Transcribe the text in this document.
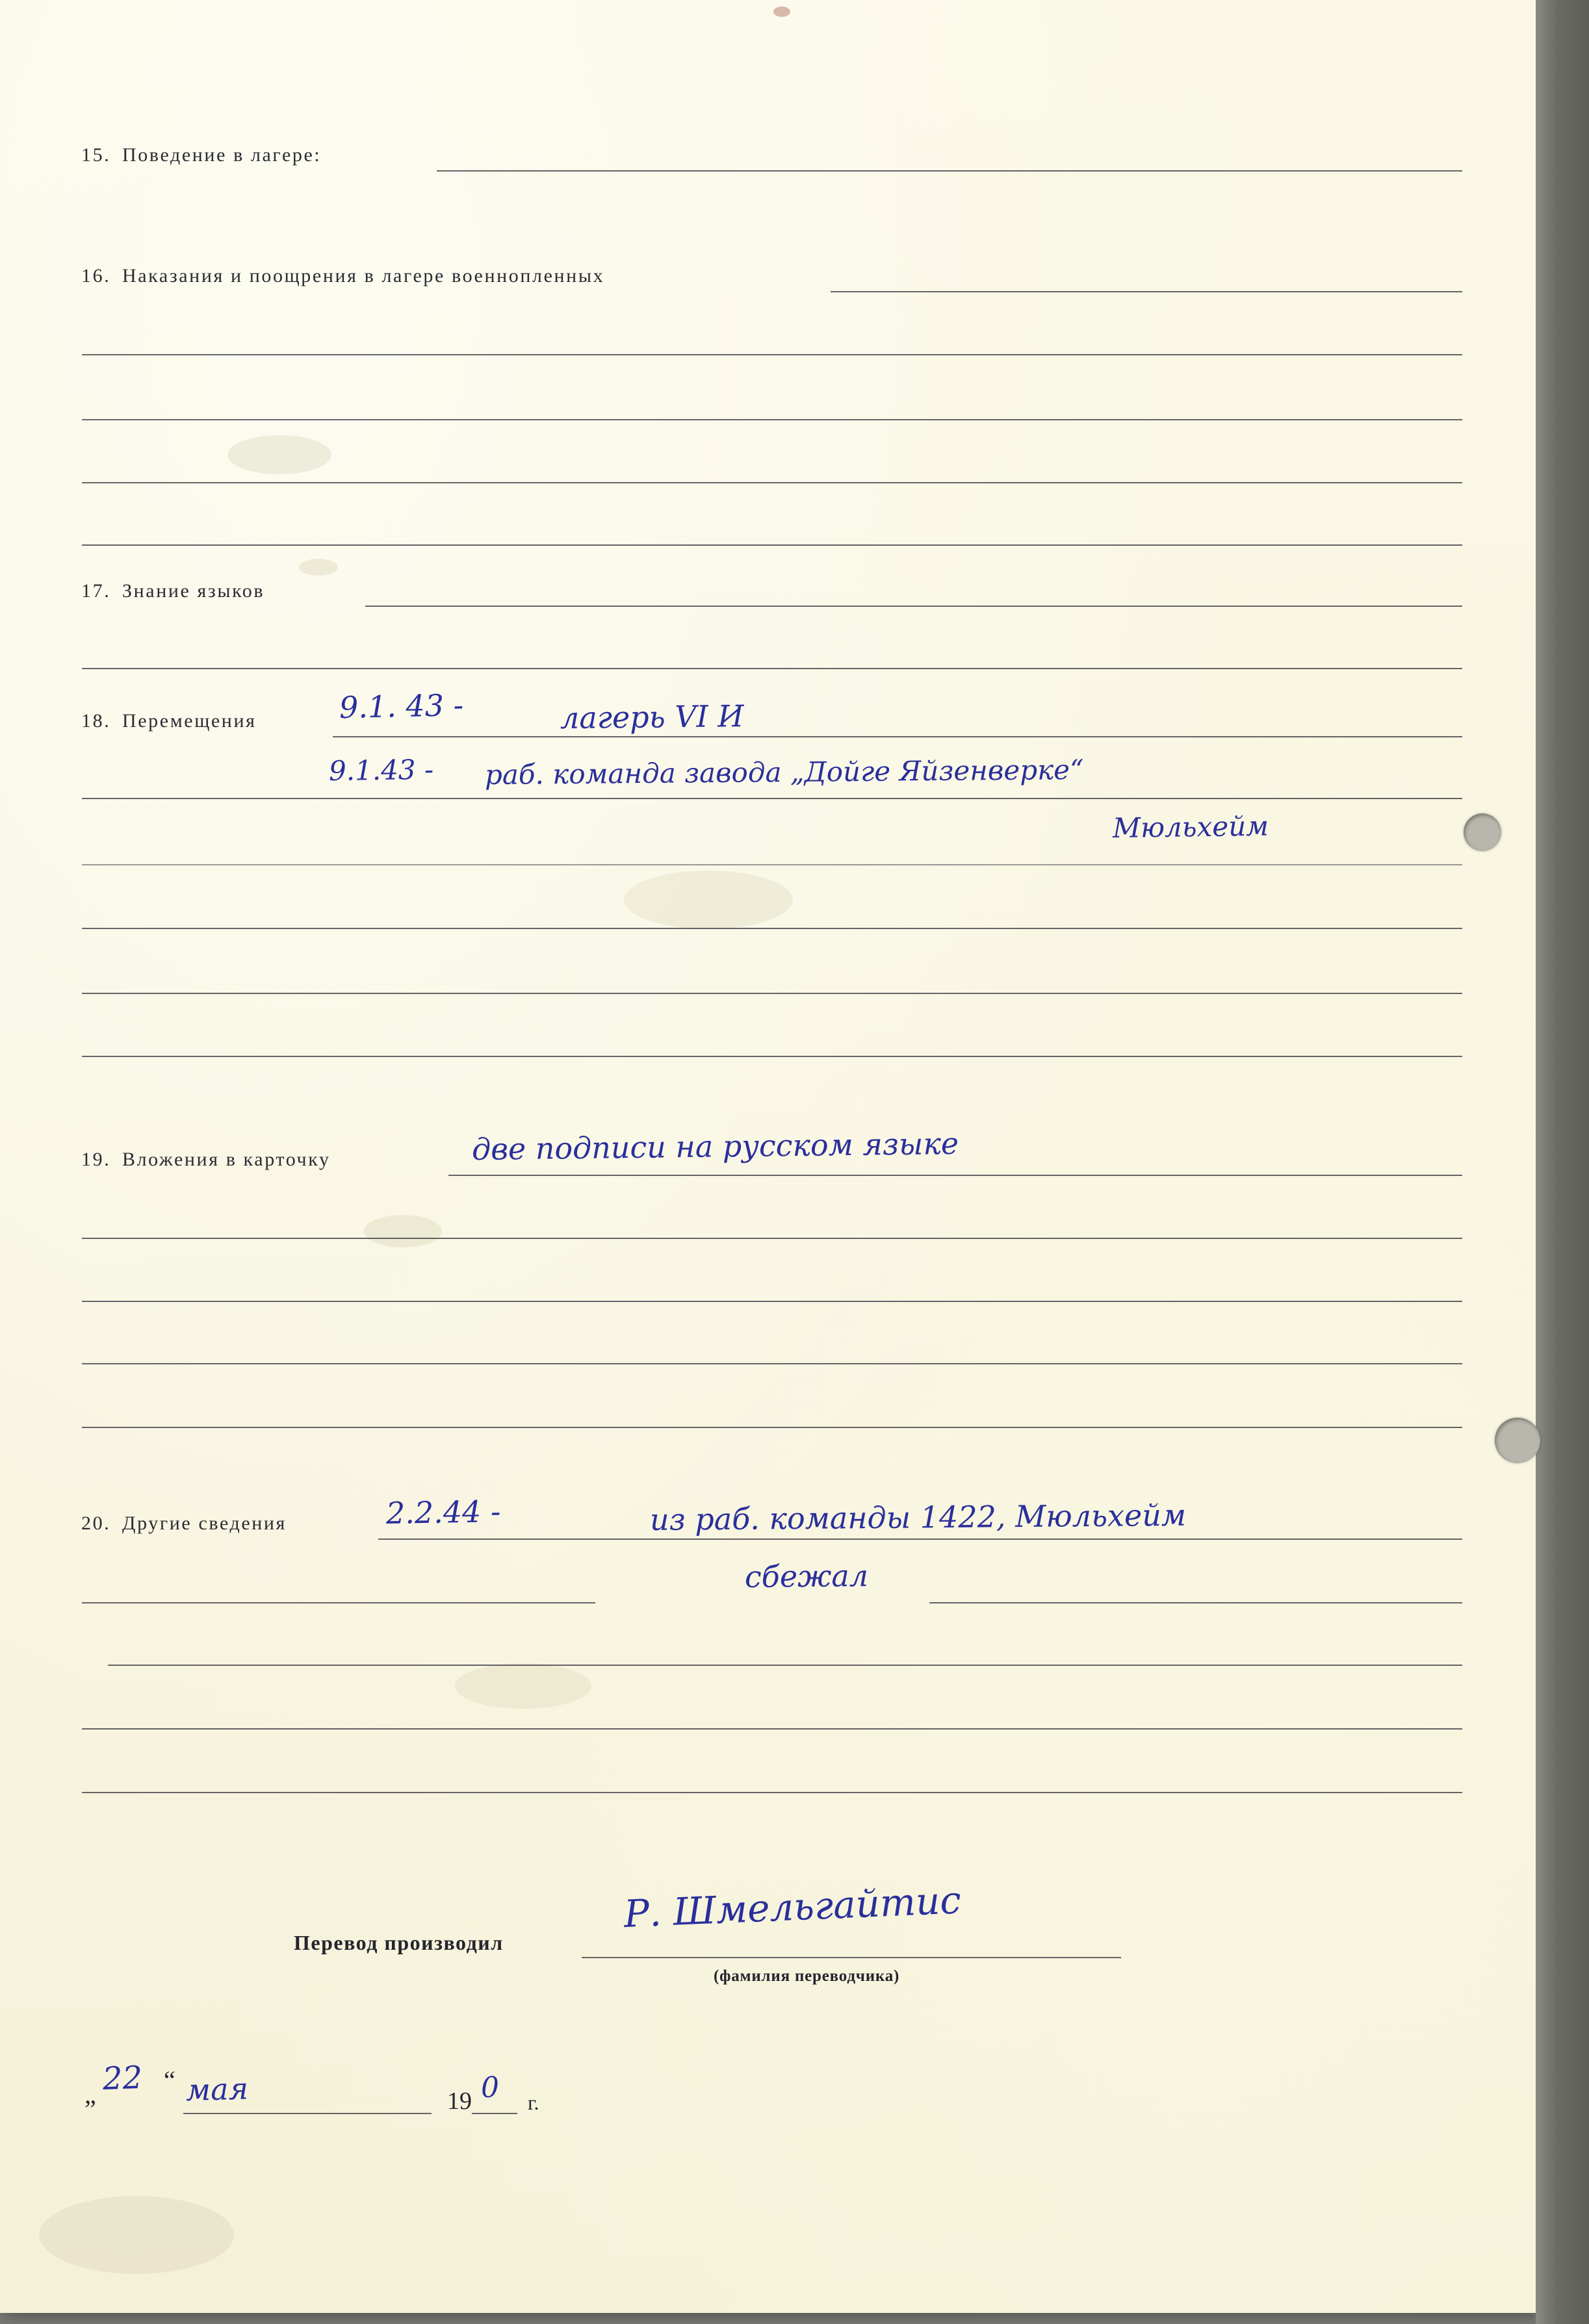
15. Поведение в лагере:
16. Наказания и поощрения в лагере военнопленных
17. Знание языков
18. Перемещения	9.1. 43 -	лагерь VI И
9.1.43 - раб. команда завода „Дойге Яйзенверке“
Мюльхейм
19. Вложения в карточку	две подписи на русском языке
20. Другие сведения	2.2.44 -	из раб. команды 1422, Мюльхейм
сбежал
Перевод производил
(фамилия переводчика)
Р. Шмельгайтис
„ 22 “ мая	19 0 г.
